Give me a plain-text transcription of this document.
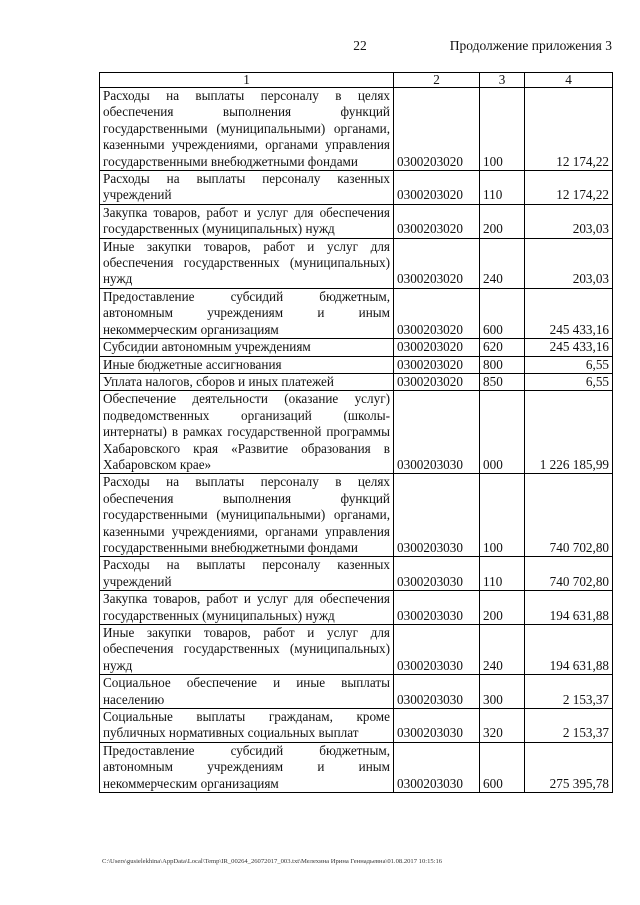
22	Продолжение приложения 3
1	2	3	4
Расходы на выплаты персоналу в целях обеспечения выполнения функций государственными (муниципальными) органами, казенными учреждениями, органами управления государственными внебюджетными фондами	0300203020	100	12 174,22
Расходы на выплаты персоналу казенных учреждений	0300203020	110	12 174,22
Закупка товаров, работ и услуг для обеспечения государственных (муниципальных) нужд	0300203020	200	203,03
Иные закупки товаров, работ и услуг для обеспечения государственных (муниципальных) нужд	0300203020	240	203,03
Предоставление субсидий бюджетным, автономным учреждениям и иным некоммерческим организациям	0300203020	600	245 433,16
Субсидии автономным учреждениям	0300203020	620	245 433,16
Иные бюджетные ассигнования	0300203020	800	6,55
Уплата налогов, сборов и иных платежей	0300203020	850	6,55
Обеспечение деятельности (оказание услуг) подведомственных организаций (школы-интернаты) в рамках государственной программы Хабаровского края «Развитие образования в Хабаровском крае»	0300203030	000	1 226 185,99
Расходы на выплаты персоналу в целях обеспечения выполнения функций государственными (муниципальными) органами, казенными учреждениями, органами управления государственными внебюджетными фондами	0300203030	100	740 702,80
Расходы на выплаты персоналу казенных учреждений	0300203030	110	740 702,80
Закупка товаров, работ и услуг для обеспечения государственных (муниципальных) нужд	0300203030	200	194 631,88
Иные закупки товаров, работ и услуг для обеспечения государственных (муниципальных) нужд	0300203030	240	194 631,88
Социальное обеспечение и иные выплаты населению	0300203030	300	2 153,37
Социальные выплаты гражданам, кроме публичных нормативных социальных выплат	0300203030	320	2 153,37
Предоставление субсидий бюджетным, автономным учреждениям и иным некоммерческим организациям	0300203030	600	275 395,78
C:\Users\gusielekhina\AppData\Local\Temp\IR_00264_26072017_003.txt\Мелехина Ирина Геннадьевна\01.08.2017 10:15:16
